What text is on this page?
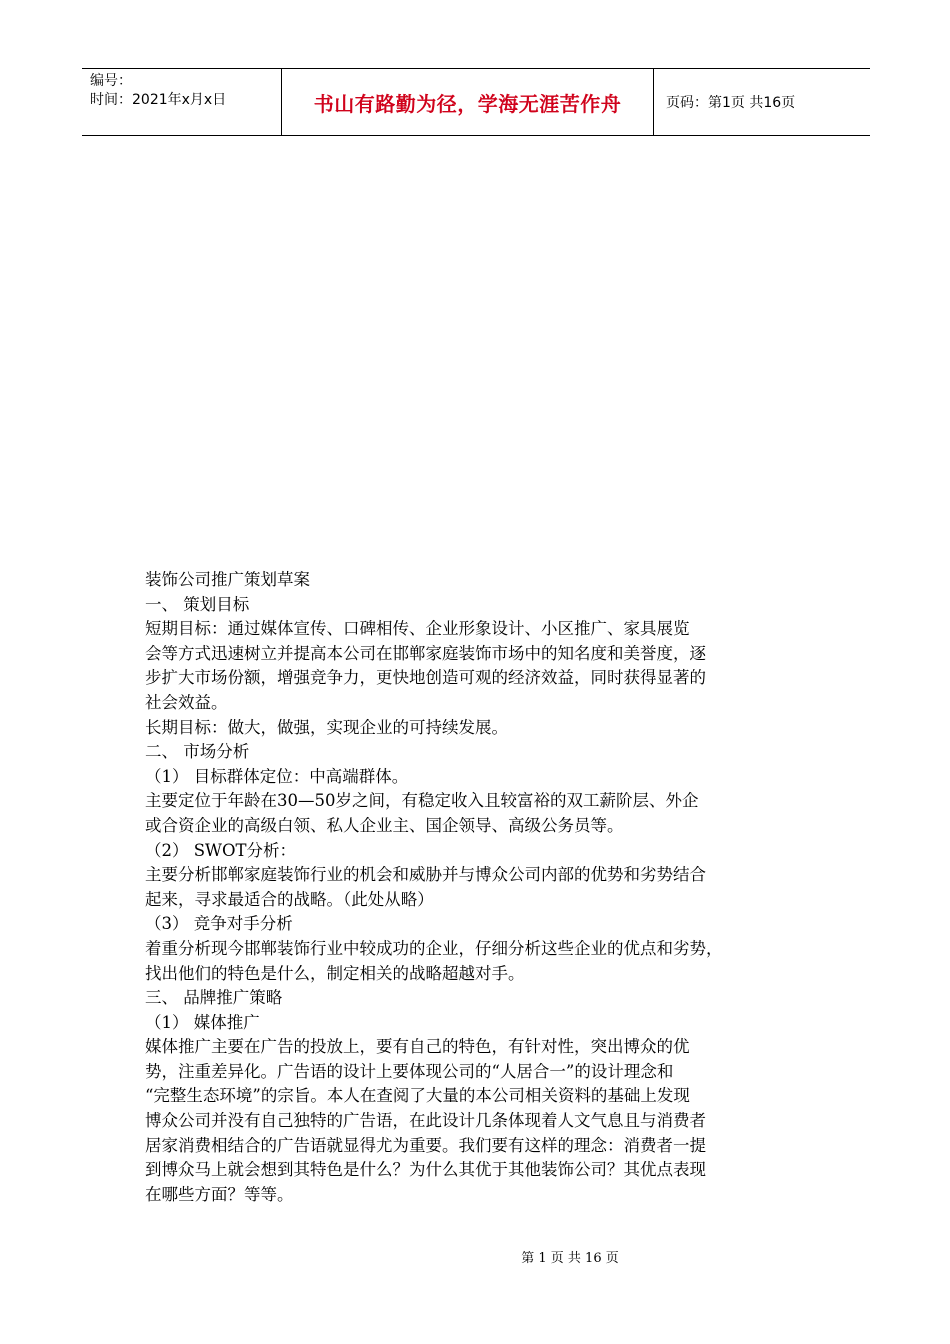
编号：
时间：2021年x月x日	书山有路勤为径，学海无涯苦作舟	页码：第1页 共16页

装饰公司推广策划草案

一、 策划目标

短期目标：通过媒体宣传、口碑相传、企业形象设计、小区推广、家具展览

会等方式迅速树立并提高本公司在邯郸家庭装饰市场中的知名度和美誉度，逐

步扩大市场份额，增强竞争力，更快地创造可观的经济效益，同时获得显著的

社会效益。

长期目标：做大，做强，实现企业的可持续发展。

二、 市场分析

（1） 目标群体定位：中高端群体。

主要定位于年龄在30—50岁之间，有稳定收入且较富裕的双工薪阶层、外企

或合资企业的高级白领、私人企业主、国企领导、高级公务员等。

（2） SWOT分析：

主要分析邯郸家庭装饰行业的机会和威胁并与博众公司内部的优势和劣势结合

起来，寻求最适合的战略。（此处从略）

（3） 竞争对手分析

着重分析现今邯郸装饰行业中较成功的企业，仔细分析这些企业的优点和劣势，

找出他们的特色是什么，制定相关的战略超越对手。

三、 品牌推广策略

（1） 媒体推广

媒体推广主要在广告的投放上，要有自己的特色，有针对性，突出博众的优

势，注重差异化。广告语的设计上要体现公司的“人居合一”的设计理念和

“完整生态环境”的宗旨。本人在查阅了大量的本公司相关资料的基础上发现

博众公司并没有自己独特的广告语，在此设计几条体现着人文气息且与消费者

居家消费相结合的广告语就显得尤为重要。我们要有这样的理念：消费者一提

到博众马上就会想到其特色是什么？为什么其优于其他装饰公司？其优点表现

在哪些方面？等等。

第 1 页 共 16 页
